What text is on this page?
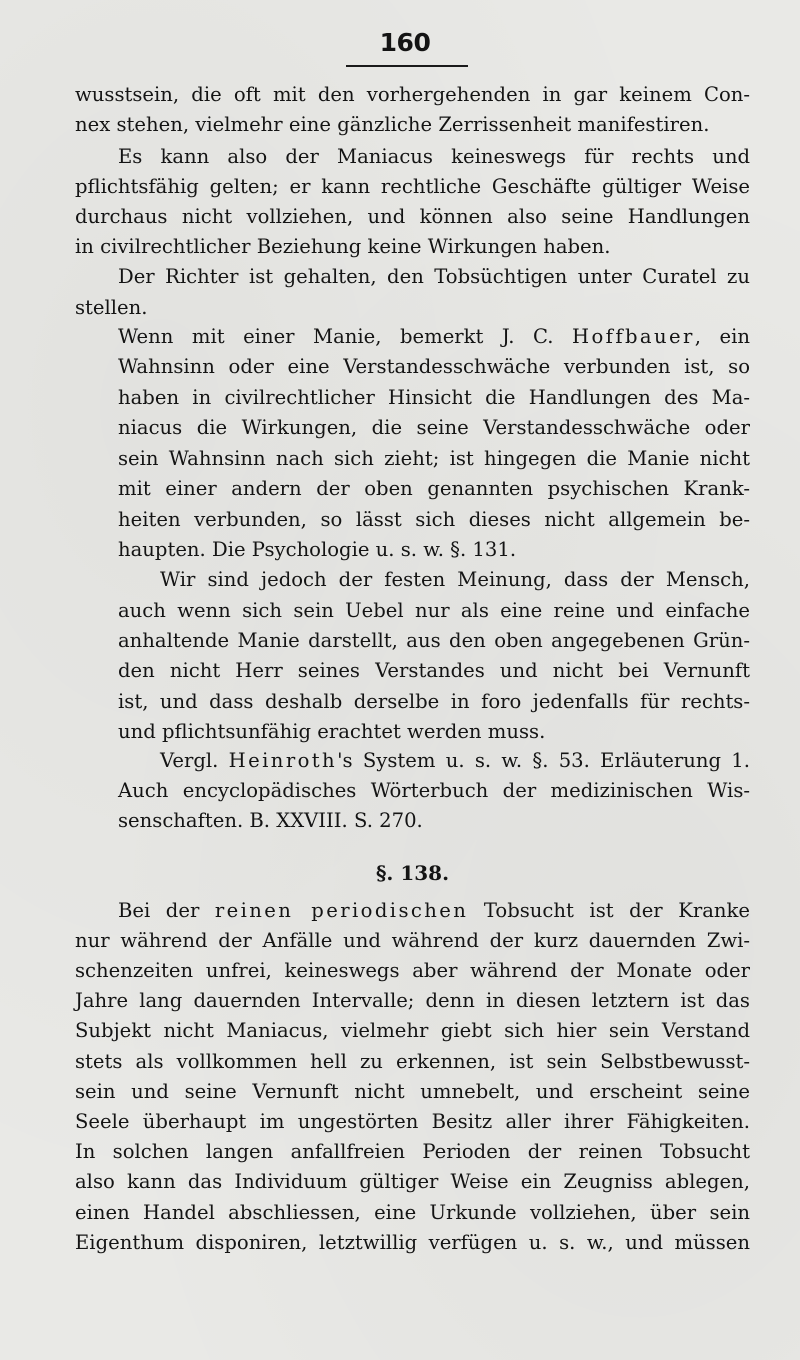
160
wusstsein, die oft mit den vorhergehenden in gar keinem Con-
nex stehen, vielmehr eine gänzliche Zerrissenheit manifestiren.
Es kann also der Maniacus keineswegs für rechts und
pflichtsfähig gelten; er kann rechtliche Geschäfte gültiger Weise
durchaus nicht vollziehen, und können also seine Handlungen
in civilrechtlicher Beziehung keine Wirkungen haben.
Der Richter ist gehalten, den Tobsüchtigen unter Curatel zu
stellen.
Wenn mit einer Manie, bemerkt J. C. Hoffbauer, ein
Wahnsinn oder eine Verstandesschwäche verbunden ist, so
haben in civilrechtlicher Hinsicht die Handlungen des Ma-
niacus die Wirkungen, die seine Verstandesschwäche oder
sein Wahnsinn nach sich zieht; ist hingegen die Manie nicht
mit einer andern der oben genannten psychischen Krank-
heiten verbunden, so lässt sich dieses nicht allgemein be-
haupten. Die Psychologie u. s. w. §. 131.
Wir sind jedoch der festen Meinung, dass der Mensch,
auch wenn sich sein Uebel nur als eine reine und einfache
anhaltende Manie darstellt, aus den oben angegebenen Grün-
den nicht Herr seines Verstandes und nicht bei Vernunft
ist, und dass deshalb derselbe in foro jedenfalls für rechts-
und pflichtsunfähig erachtet werden muss.
Vergl. Heinroth's System u. s. w. §. 53. Erläuterung 1.
Auch encyclopädisches Wörterbuch der medizinischen Wis-
senschaften. B. XXVIII. S. 270.
Bei der reinen periodischen Tobsucht ist der Kranke
nur während der Anfälle und während der kurz dauernden Zwi-
schenzeiten unfrei, keineswegs aber während der Monate oder
Jahre lang dauernden Intervalle; denn in diesen letztern ist das
Subjekt nicht Maniacus, vielmehr giebt sich hier sein Verstand
stets als vollkommen hell zu erkennen, ist sein Selbstbewusst-
sein und seine Vernunft nicht umnebelt, und erscheint seine
Seele überhaupt im ungestörten Besitz aller ihrer Fähigkeiten.
In solchen langen anfallfreien Perioden der reinen Tobsucht
also kann das Individuum gültiger Weise ein Zeugniss ablegen,
einen Handel abschliessen, eine Urkunde vollziehen, über sein
Eigenthum disponiren, letztwillig verfügen u. s. w., und müssen
§. 138.
